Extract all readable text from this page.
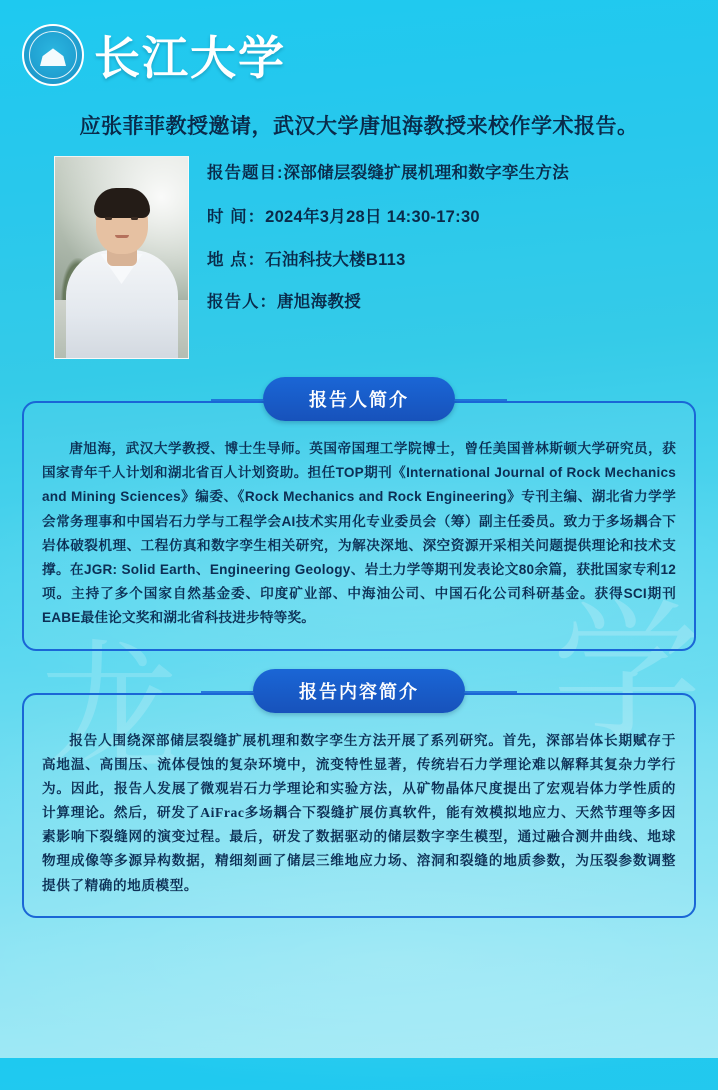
学
龙
长江大学
应张菲菲教授邀请，武汉大学唐旭海教授来校作学术报告。
报告题目:深部储层裂缝扩展机理和数字孪生方法
时 间：2024年3月28日 14:30-17:30
地 点：石油科技大楼B113
报告人：唐旭海教授
报告人简介

唐旭海，武汉大学教授、博士生导师。英国帝国理工学院博士，曾任美国普林斯顿大学研究员，获国家青年千人计划和湖北省百人计划资助。担任TOP期刊《International Journal of Rock Mechanics and Mining Sciences》编委、《Rock Mechanics and Rock Engineering》专刊主编、湖北省力学学会常务理事和中国岩石力学与工程学会AI技术实用化专业委员会（筹）副主任委员。致力于多场耦合下岩体破裂机理、工程仿真和数字孪生相关研究，为解决深地、深空资源开采相关问题提供理论和技术支撑。在JGR: Solid Earth、Engineering Geology、岩土力学等期刊发表论文80余篇，获批国家专利12项。主持了多个国家自然基金委、印度矿业部、中海油公司、中国石化公司科研基金。获得SCI期刊EABE最佳论文奖和湖北省科技进步特等奖。

报告内容简介

报告人围绕深部储层裂缝扩展机理和数字孪生方法开展了系列研究。首先，深部岩体长期赋存于高地温、高围压、流体侵蚀的复杂环境中，流变特性显著，传统岩石力学理论难以解释其复杂力学行为。因此，报告人发展了微观岩石力学理论和实验方法，从矿物晶体尺度提出了宏观岩体力学性质的计算理论。然后，研发了AiFrac多场耦合下裂缝扩展仿真软件，能有效模拟地应力、天然节理等多因素影响下裂缝网的演变过程。最后，研发了数据驱动的储层数字孪生模型，通过融合测井曲线、地球物理成像等多源异构数据，精细刻画了储层三维地应力场、溶洞和裂缝的地质参数，为压裂参数调整提供了精确的地质模型。
